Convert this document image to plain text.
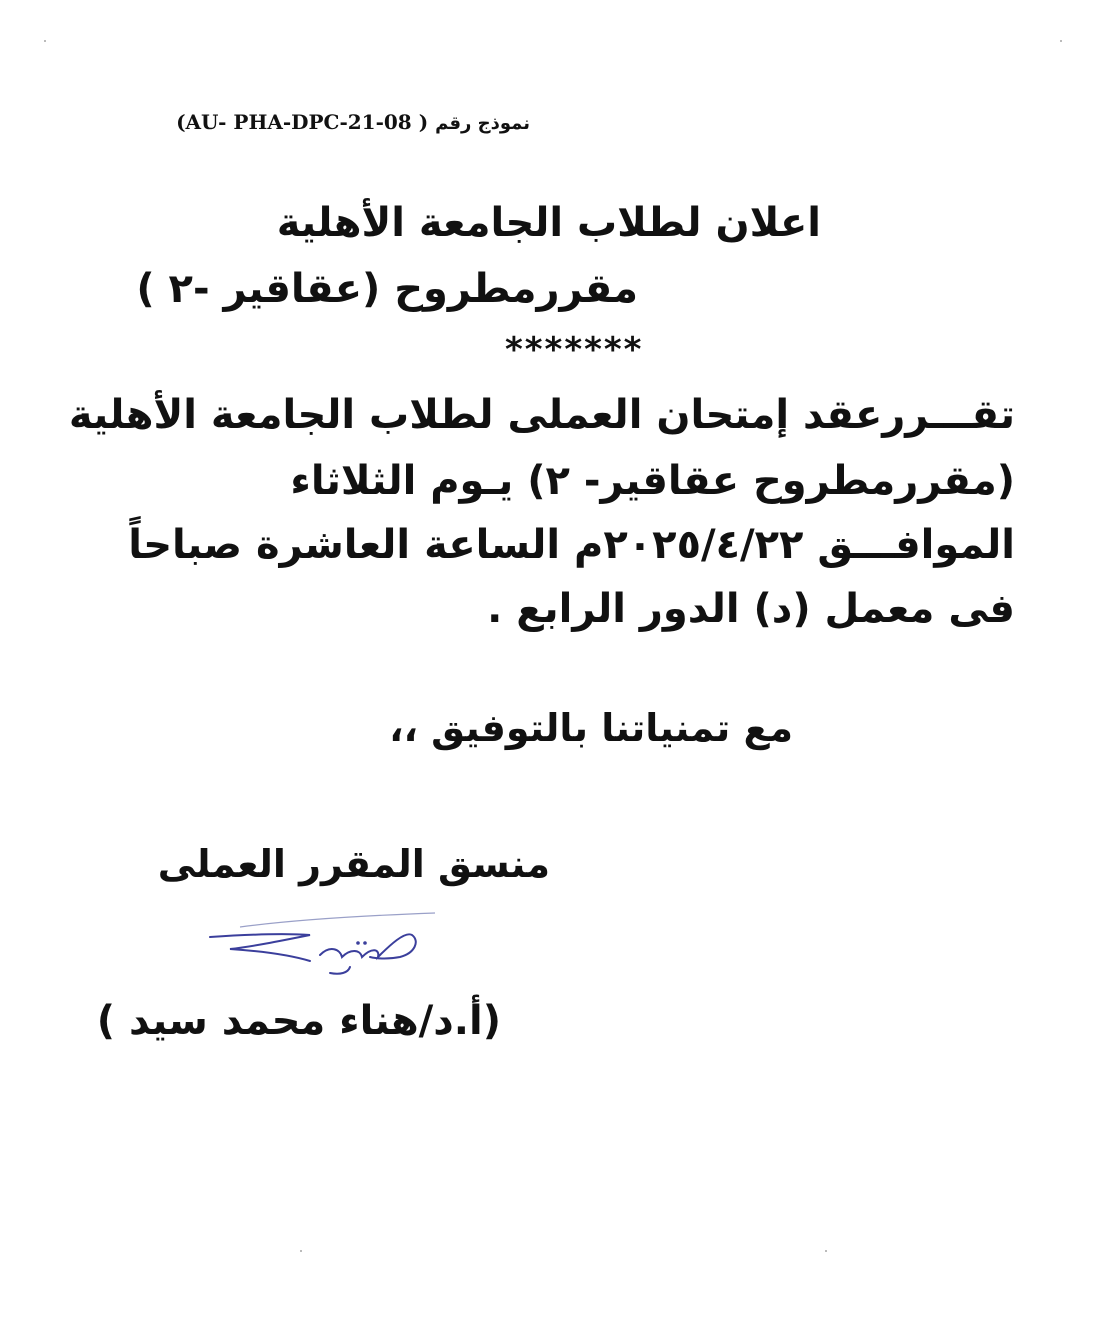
نموذج رقم ( AU- PHA-DPC-21-08)
اعلان لطلاب الجامعة الأهلية
مقررمطروح (عقاقير -٢ )
*******
تقـــررعقد إمتحان العملى لطلاب الجامعة الأهلية
(مقررمطروح عقاقير- ٢) يـوم الثلاثاء
الموافـــق ٢٠٢٥/٤/٢٢م الساعة العاشرة صباحاً
فى معمل (د) الدور الرابع .
مع تمنياتنا بالتوفيق ،،
منسق المقرر العملى
(أ.د/هناء محمد سيد )
